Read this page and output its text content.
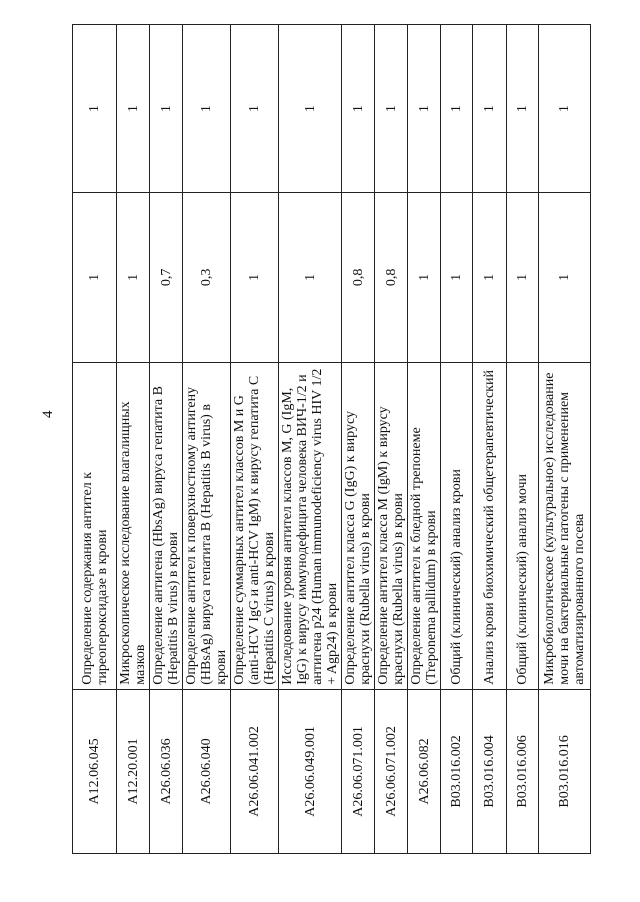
4
A12.06.045	Определение содержания антител к тиреопероксидазе в крови	1	1
A12.20.001	Микроскопическое исследование влагалищных мазков	1	1
A26.06.036	Определение антигена (HbsAg) вируса гепатита B (Hepatitis B virus) в крови	0,7	1
A26.06.040	Определение антител к поверхностному антигену (HBsAg) вируса гепатита B (Hepatitis B virus) в крови	0,3	1
A26.06.041.002	Определение суммарных антител классов M и G (anti-HCV IgG и anti-HCV IgM) к вирусу гепатита C (Hepatitis C virus) в крови	1	1
A26.06.049.001	Исследование уровня антител классов M, G (IgM, IgG) к вирусу иммунодефицита человека ВИЧ-1/2 и антигена p24 (Human immunodeficiency virus HIV 1/2 + Agp24) в крови	1	1
A26.06.071.001	Определение антител класса G (IgG) к вирусу краснухи (Rubella virus) в крови	0,8	1
A26.06.071.002	Определение антител класса M (IgM) к вирусу краснухи (Rubella virus) в крови	0,8	1
A26.06.082	Определение антител к бледной трепонеме (Treponema pallidum) в крови	1	1
B03.016.002	Общий (клинический) анализ крови	1	1
B03.016.004	Анализ крови биохимический общетерапевтический	1	1
B03.016.006	Общий (клинический) анализ мочи	1	1
B03.016.016	Микробиологическое (культуральное) исследование мочи на бактериальные патогены с применением автоматизированного посева	1	1
